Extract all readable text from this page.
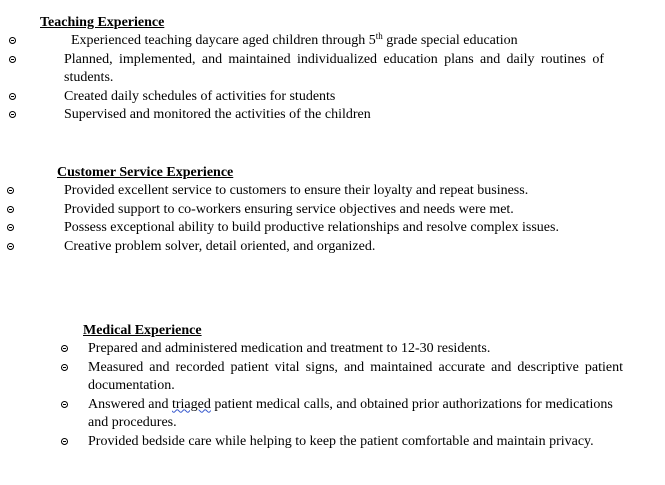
Teaching Experience
Experienced teaching daycare aged children through 5th grade special education
Planned, implemented, and maintained individualized education plans and daily routines of students.
Created daily schedules of activities for students
Supervised and monitored the activities of the children
Customer Service Experience
Provided excellent service to customers to ensure their loyalty and repeat business.
Provided support to co-workers ensuring service objectives and needs were met.
Possess exceptional ability to build productive relationships and resolve complex issues.
Creative problem solver, detail oriented, and organized.
Medical Experience
Prepared and administered medication and treatment to 12-30 residents.
Measured and recorded patient vital signs, and maintained accurate and descriptive patient documentation.
Answered and triaged patient medical calls, and obtained prior authorizations for medications and procedures.
Provided bedside care while helping to keep the patient comfortable and maintain privacy.
